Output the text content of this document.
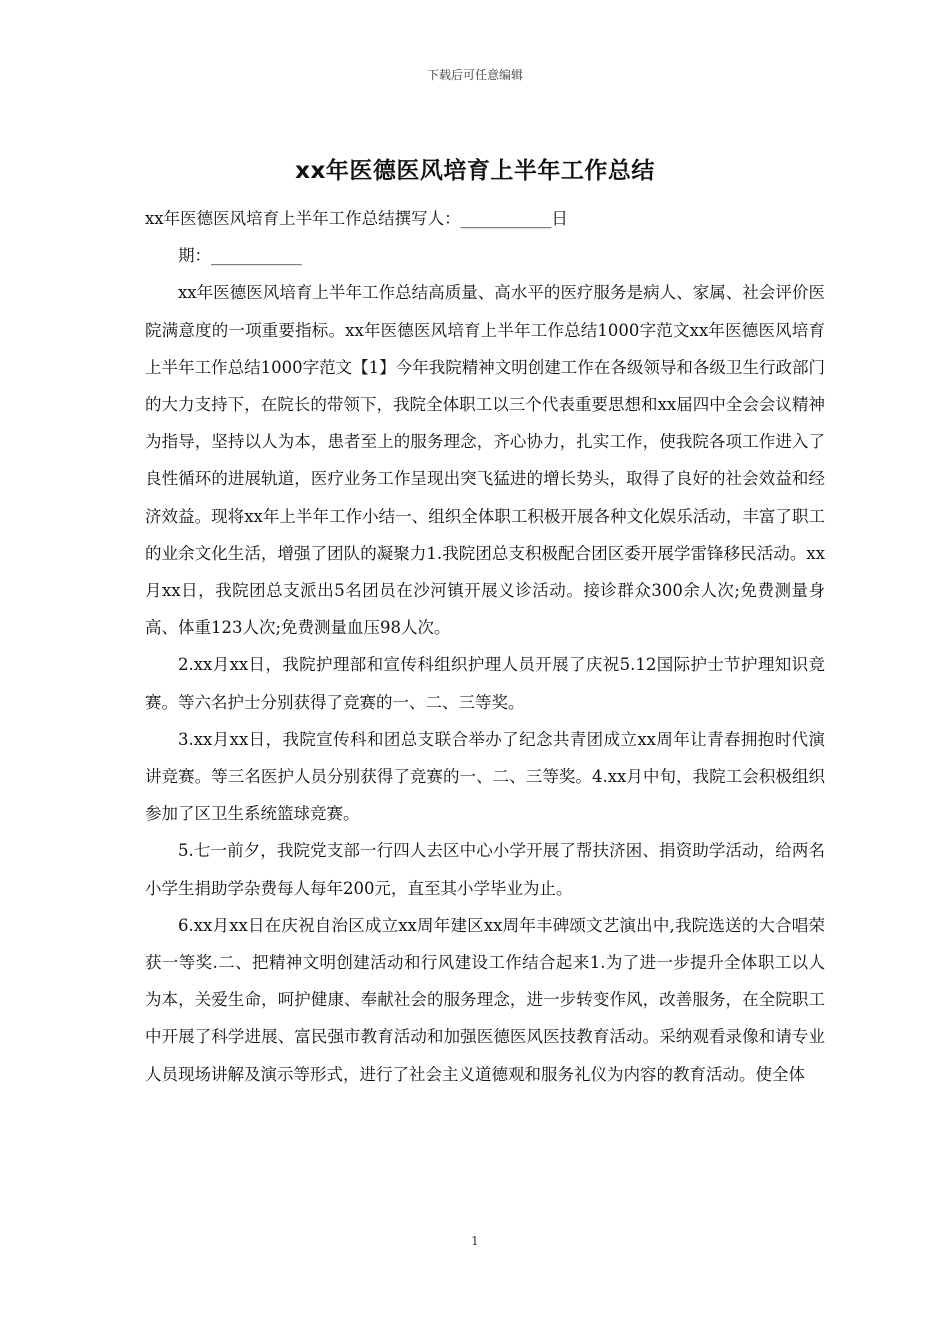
下载后可任意编辑
xx年医德医风培育上半年工作总结

xx年医德医风培育上半年工作总结撰写人：___________日

期：___________

xx年医德医风培育上半年工作总结高质量、高水平的医疗服务是病人、家属、社会评价医院满意度的一项重要指标。xx年医德医风培育上半年工作总结1000字范文xx年医德医风培育上半年工作总结1000字范文【1】今年我院精神文明创建工作在各级领导和各级卫生行政部门的大力支持下，在院长的带领下，我院全体职工以三个代表重要思想和xx届四中全会会议精神为指导，坚持以人为本，患者至上的服务理念，齐心协力，扎实工作，使我院各项工作进入了良性循环的进展轨道，医疗业务工作呈现出突飞猛进的增长势头，取得了良好的社会效益和经济效益。现将xx年上半年工作小结一、组织全体职工积极开展各种文化娱乐活动，丰富了职工的业余文化生活，增强了团队的凝聚力1.我院团总支积极配合团区委开展学雷锋移民活动。xx月xx日，我院团总支派出5名团员在沙河镇开展义诊活动。接诊群众300余人次;免费测量身高、体重123人次;免费测量血压98人次。

2.xx月xx日，我院护理部和宣传科组织护理人员开展了庆祝5.12国际护士节护理知识竞赛。等六名护士分别获得了竞赛的一、二、三等奖。

3.xx月xx日，我院宣传科和团总支联合举办了纪念共青团成立xx周年让青春拥抱时代演讲竞赛。等三名医护人员分别获得了竞赛的一、二、三等奖。4.xx月中旬，我院工会积极组织参加了区卫生系统篮球竞赛。

5.七一前夕，我院党支部一行四人去区中心小学开展了帮扶济困、捐资助学活动，给两名小学生捐助学杂费每人每年200元，直至其小学毕业为止。

6.xx月xx日在庆祝自治区成立xx周年建区xx周年丰碑颂文艺演出中,我院选送的大合唱荣获一等奖.二、把精神文明创建活动和行风建设工作结合起来1.为了进一步提升全体职工以人为本，关爱生命，呵护健康、奉献社会的服务理念，进一步转变作风，改善服务，在全院职工中开展了科学进展、富民强市教育活动和加强医德医风医技教育活动。采纳观看录像和请专业人员现场讲解及演示等形式，进行了社会主义道德观和服务礼仪为内容的教育活动。使全体

1
